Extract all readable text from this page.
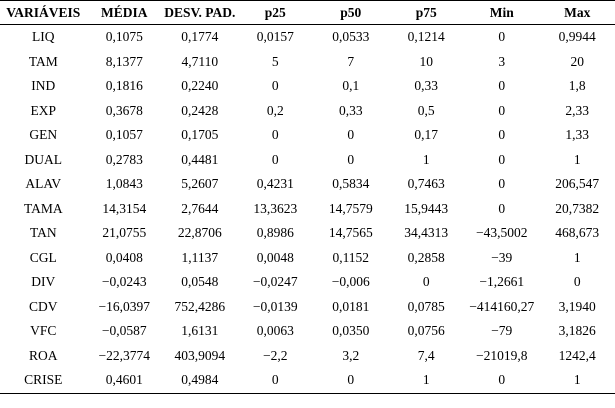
VARIÁVEIS	MÉDIA	DESV. PAD.	p25	p50	p75	Min	Max
LIQ	0,1075	0,1774	0,0157	0,0533	0,1214	0	0,9944
TAM	8,1377	4,7110	5	7	10	3	20
IND	0,1816	0,2240	0	0,1	0,33	0	1,8
EXP	0,3678	0,2428	0,2	0,33	0,5	0	2,33
GEN	0,1057	0,1705	0	0	0,17	0	1,33
DUAL	0,2783	0,4481	0	0	1	0	1
ALAV	1,0843	5,2607	0,4231	0,5834	0,7463	0	206,547
TAMA	14,3154	2,7644	13,3623	14,7579	15,9443	0	20,7382
TAN	21,0755	22,8706	0,8986	14,7565	34,4313	−43,5002	468,673
CGL	0,0408	1,1137	0,0048	0,1152	0,2858	−39	1
DIV	−0,0243	0,0548	−0,0247	−0,006	0	−1,2661	0
CDV	−16,0397	752,4286	−0,0139	0,0181	0,0785	−414160,27	3,1940
VFC	−0,0587	1,6131	0,0063	0,0350	0,0756	−79	3,1826
ROA	−22,3774	403,9094	−2,2	3,2	7,4	−21019,8	1242,4
CRISE	0,4601	0,4984	0	0	1	0	1
